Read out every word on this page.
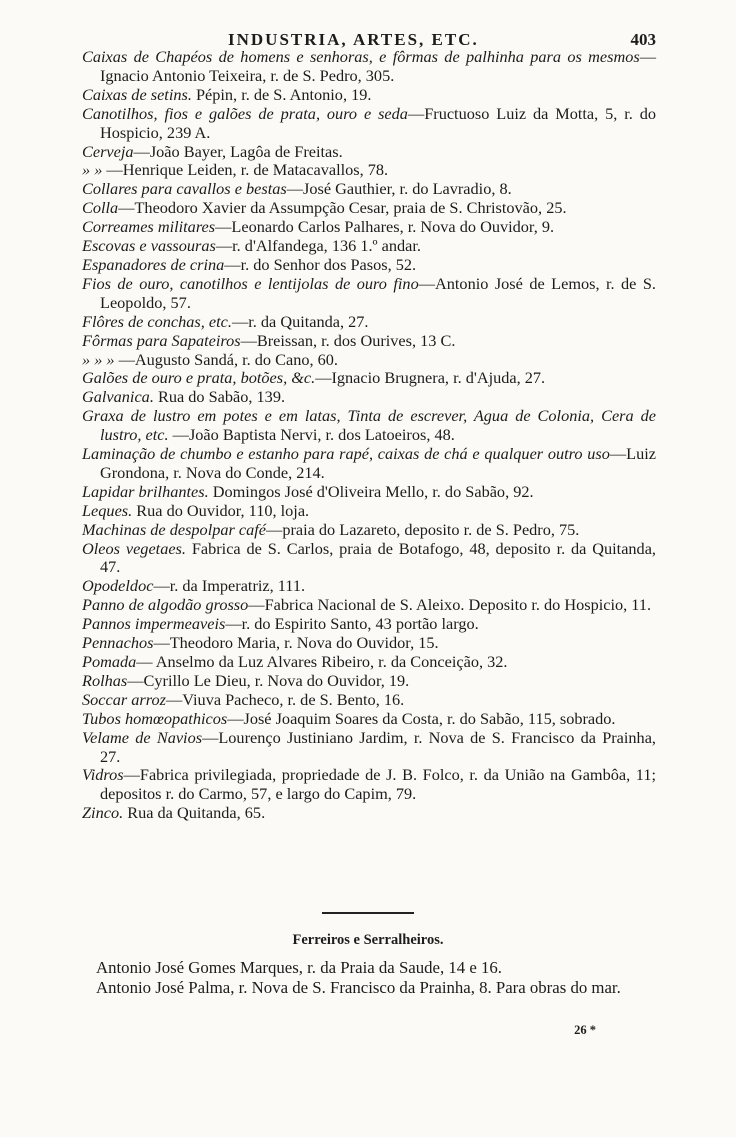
INDUSTRIA, ARTES, ETC.	403
Caixas de Chapéos de homens e senhoras, e fôrmas de palhinha para os mesmos—Ignacio Antonio Teixeira, r. de S. Pedro, 305.
Caixas de setins. Pépin, r. de S. Antonio, 19.
Canotilhos, fios e galões de prata, ouro e seda—Fructuoso Luiz da Motta, 5, r. do Hospicio, 239 A.
Cerveja—João Bayer, Lagôa de Freitas.
» » —Henrique Leiden, r. de Matacavallos, 78.
Collares para cavallos e bestas—José Gauthier, r. do Lavradio, 8.
Colla—Theodoro Xavier da Assumpção Cesar, praia de S. Christovão, 25.
Correames militares—Leonardo Carlos Palhares, r. Nova do Ouvidor, 9.
Escovas e vassouras—r. d'Alfandega, 136 1.º andar.
Espanadores de crina—r. do Senhor dos Pasos, 52.
Fios de ouro, canotilhos e lentijolas de ouro fino—Antonio José de Lemos, r. de S. Leopoldo, 57.
Flôres de conchas, etc.—r. da Quitanda, 27.
Fôrmas para Sapateiros—Breissan, r. dos Ourives, 13 C.
» » » —Augusto Sandá, r. do Cano, 60.
Galões de ouro e prata, botões, &c.—Ignacio Brugnera, r. d'Ajuda, 27.
Galvanica. Rua do Sabão, 139.
Graxa de lustro em potes e em latas, Tinta de escrever, Agua de Colonia, Cera de lustro, etc. —João Baptista Nervi, r. dos Latoeiros, 48.
Laminação de chumbo e estanho para rapé, caixas de chá e qualquer outro uso—Luiz Grondona, r. Nova do Conde, 214.
Lapidar brilhantes. Domingos José d'Oliveira Mello, r. do Sabão, 92.
Leques. Rua do Ouvidor, 110, loja.
Machinas de despolpar café—praia do Lazareto, deposito r. de S. Pedro, 75.
Oleos vegetaes. Fabrica de S. Carlos, praia de Botafogo, 48, deposito r. da Quitanda, 47.
Opodeldoc—r. da Imperatriz, 111.
Panno de algodão grosso—Fabrica Nacional de S. Aleixo. Deposito r. do Hospicio, 11.
Pannos impermeaveis—r. do Espirito Santo, 43 portão largo.
Pennachos—Theodoro Maria, r. Nova do Ouvidor, 15.
Pomada— Anselmo da Luz Alvares Ribeiro, r. da Conceição, 32.
Rolhas—Cyrillo Le Dieu, r. Nova do Ouvidor, 19.
Soccar arroz—Viuva Pacheco, r. de S. Bento, 16.
Tubos homœopathicos—José Joaquim Soares da Costa, r. do Sabão, 115, sobrado.
Velame de Navios—Lourenço Justiniano Jardim, r. Nova de S. Francisco da Prainha, 27.
Vidros—Fabrica privilegiada, propriedade de J. B. Folco, r. da União na Gambôa, 11; depositos r. do Carmo, 57, e largo do Capim, 79.
Zinco. Rua da Quitanda, 65.
Ferreiros e Serralheiros.
Antonio José Gomes Marques, r. da Praia da Saude, 14 e 16.
Antonio José Palma, r. Nova de S. Francisco da Prainha, 8. Para obras do mar.
26 *
